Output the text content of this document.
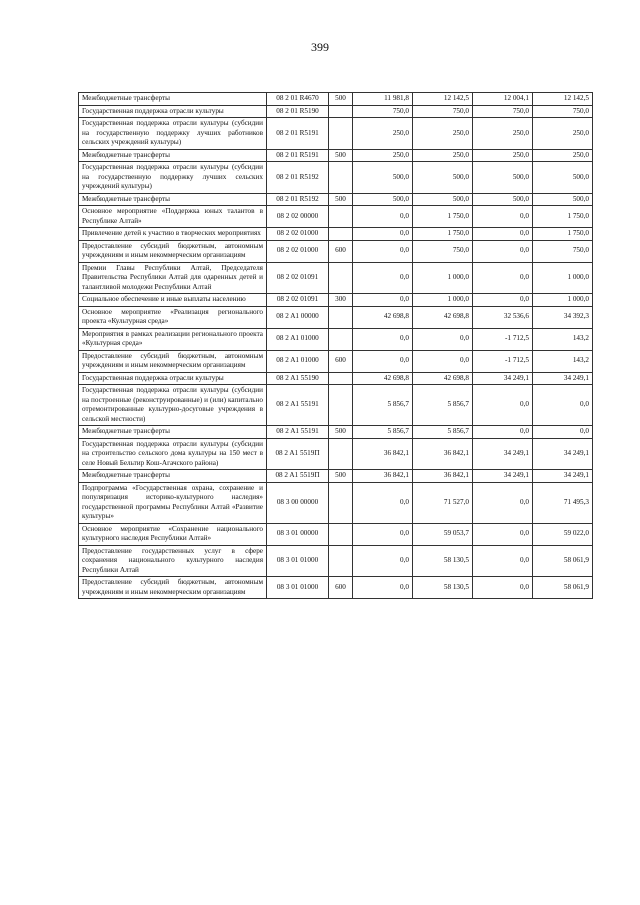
399
Межбюджетные трансферты	08 2 01 R4670	500	11 981,8	12 142,5	12 004,1	12 142,5
Государственная поддержка отрасли культуры	08 2 01 R5190		750,0	750,0	750,0	750,0
Государственная поддержка отрасли культуры (субсидии на государственную поддержку лучших работников сельских учреждений культуры)	08 2 01 R5191		250,0	250,0	250,0	250,0
Межбюджетные трансферты	08 2 01 R5191	500	250,0	250,0	250,0	250,0
Государственная поддержка отрасли культуры (субсидии на государственную поддержку лучших сельских учреждений культуры)	08 2 01 R5192		500,0	500,0	500,0	500,0
Межбюджетные трансферты	08 2 01 R5192	500	500,0	500,0	500,0	500,0
Основное мероприятие «Поддержка юных талантов в Республике Алтай»	08 2 02 00000		0,0	1 750,0	0,0	1 750,0
Привлечение детей к участию в творческих мероприятиях	08 2 02 01000		0,0	1 750,0	0,0	1 750,0
Предоставление субсидий бюджетным, автономным учреждениям и иным некоммерческим организациям	08 2 02 01000	600	0,0	750,0	0,0	750,0
Премии Главы Республики Алтай, Председателя Правительства Республики Алтай для одаренных детей и талантливой молодежи Республики Алтай	08 2 02 01091		0,0	1 000,0	0,0	1 000,0
Социальное обеспечение и иные выплаты населению	08 2 02 01091	300	0,0	1 000,0	0,0	1 000,0
Основное мероприятие «Реализация регионального проекта «Культурная среда»	08 2 A1 00000		42 698,8	42 698,8	32 536,6	34 392,3
Мероприятия в рамках реализации регионального проекта «Культурная среда»	08 2 A1 01000		0,0	0,0	-1 712,5	143,2
Предоставление субсидий бюджетным, автономным учреждениям и иным некоммерческим организациям	08 2 A1 01000	600	0,0	0,0	-1 712,5	143,2
Государственная поддержка отрасли культуры	08 2 A1 55190		42 698,8	42 698,8	34 249,1	34 249,1
Государственная поддержка отрасли культуры (субсидии на построенные (реконструированные) и (или) капитально отремонтированные культурно-досуговые учреждения в сельской местности)	08 2 A1 55191		5 856,7	5 856,7	0,0	0,0
Межбюджетные трансферты	08 2 A1 55191	500	5 856,7	5 856,7	0,0	0,0
Государственная поддержка отрасли культуры (субсидии на строительство сельского дома культуры на 150 мест в селе Новый Бельтир Кош-Агачского района)	08 2 A1 5519П		36 842,1	36 842,1	34 249,1	34 249,1
Межбюджетные трансферты	08 2 A1 5519П	500	36 842,1	36 842,1	34 249,1	34 249,1
Подпрограмма «Государственная охрана, сохранение и популяризация историко-культурного наследия» государственной программы Республики Алтай «Развитие культуры»	08 3 00 00000		0,0	71 527,0	0,0	71 495,3
Основное мероприятие «Сохранение национального культурного наследия Республики Алтай»	08 3 01 00000		0,0	59 053,7	0,0	59 022,0
Предоставление государственных услуг в сфере сохранения национального культурного наследия Республики Алтай	08 3 01 01000		0,0	58 130,5	0,0	58 061,9
Предоставление субсидий бюджетным, автономным учреждениям и иным некоммерческим организациям	08 3 01 01000	600	0,0	58 130,5	0,0	58 061,9
